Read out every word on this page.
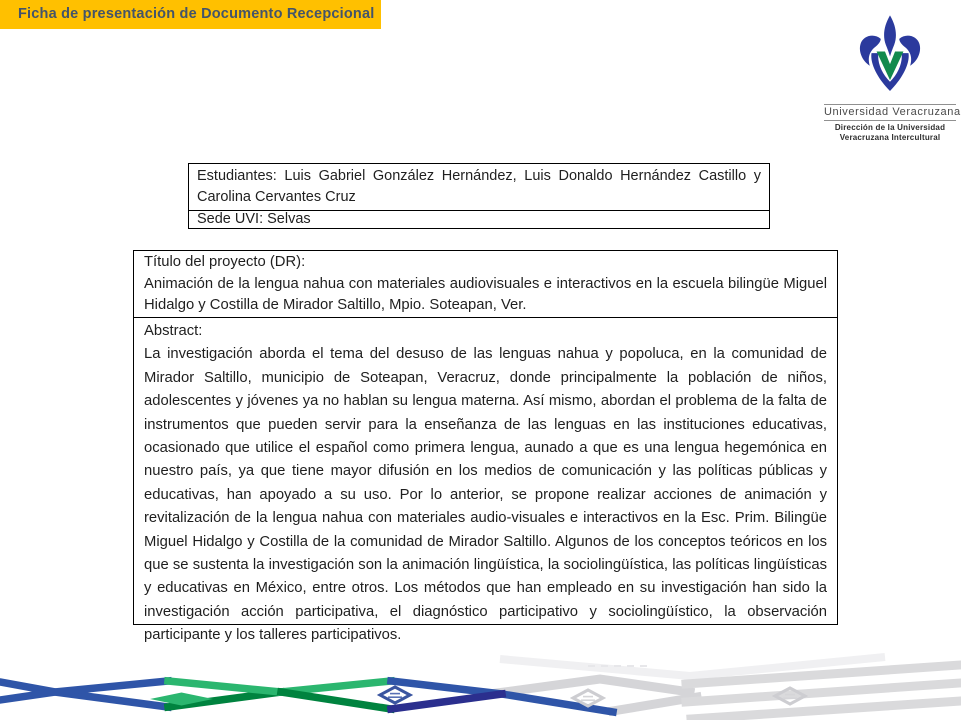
Ficha de presentación de Documento Recepcional
Universidad Veracruzana
Dirección de la Universidad
Veracruzana Intercultural
Estudiantes: Luis Gabriel González Hernández, Luis Donaldo Hernández Castillo y Carolina Cervantes Cruz
Sede UVI: Selvas
Título del proyecto (DR):
Animación de la lengua nahua con materiales audiovisuales e interactivos en la escuela bilingüe Miguel Hidalgo y Costilla de Mirador Saltillo, Mpio. Soteapan, Ver.
Abstract:
La investigación aborda el tema del desuso de las lenguas nahua y popoluca, en la comunidad de Mirador Saltillo, municipio de Soteapan, Veracruz, donde principalmente la población de niños, adolescentes y jóvenes ya no hablan su lengua materna. Así mismo, abordan el problema de la falta de instrumentos que pueden servir para la enseñanza de las lenguas en las instituciones educativas, ocasionado que utilice el español como primera lengua, aunado a que es una lengua hegemónica en nuestro país, ya que tiene mayor difusión en los medios de comunicación y las políticas públicas y educativas, han apoyado a su uso. Por lo anterior, se propone realizar acciones de animación y revitalización de la lengua nahua con materiales audio-visuales e interactivos en la Esc. Prim. Bilingüe Miguel Hidalgo y Costilla de la comunidad de Mirador Saltillo. Algunos de los conceptos teóricos en los que se sustenta la investigación son la animación lingüística, la sociolingüística, las políticas lingüísticas y educativas en México, entre otros. Los métodos que han empleado en su investigación han sido la investigación acción participativa, el diagnóstico participativo y sociolingüístico, la observación participante y los talleres participativos.
